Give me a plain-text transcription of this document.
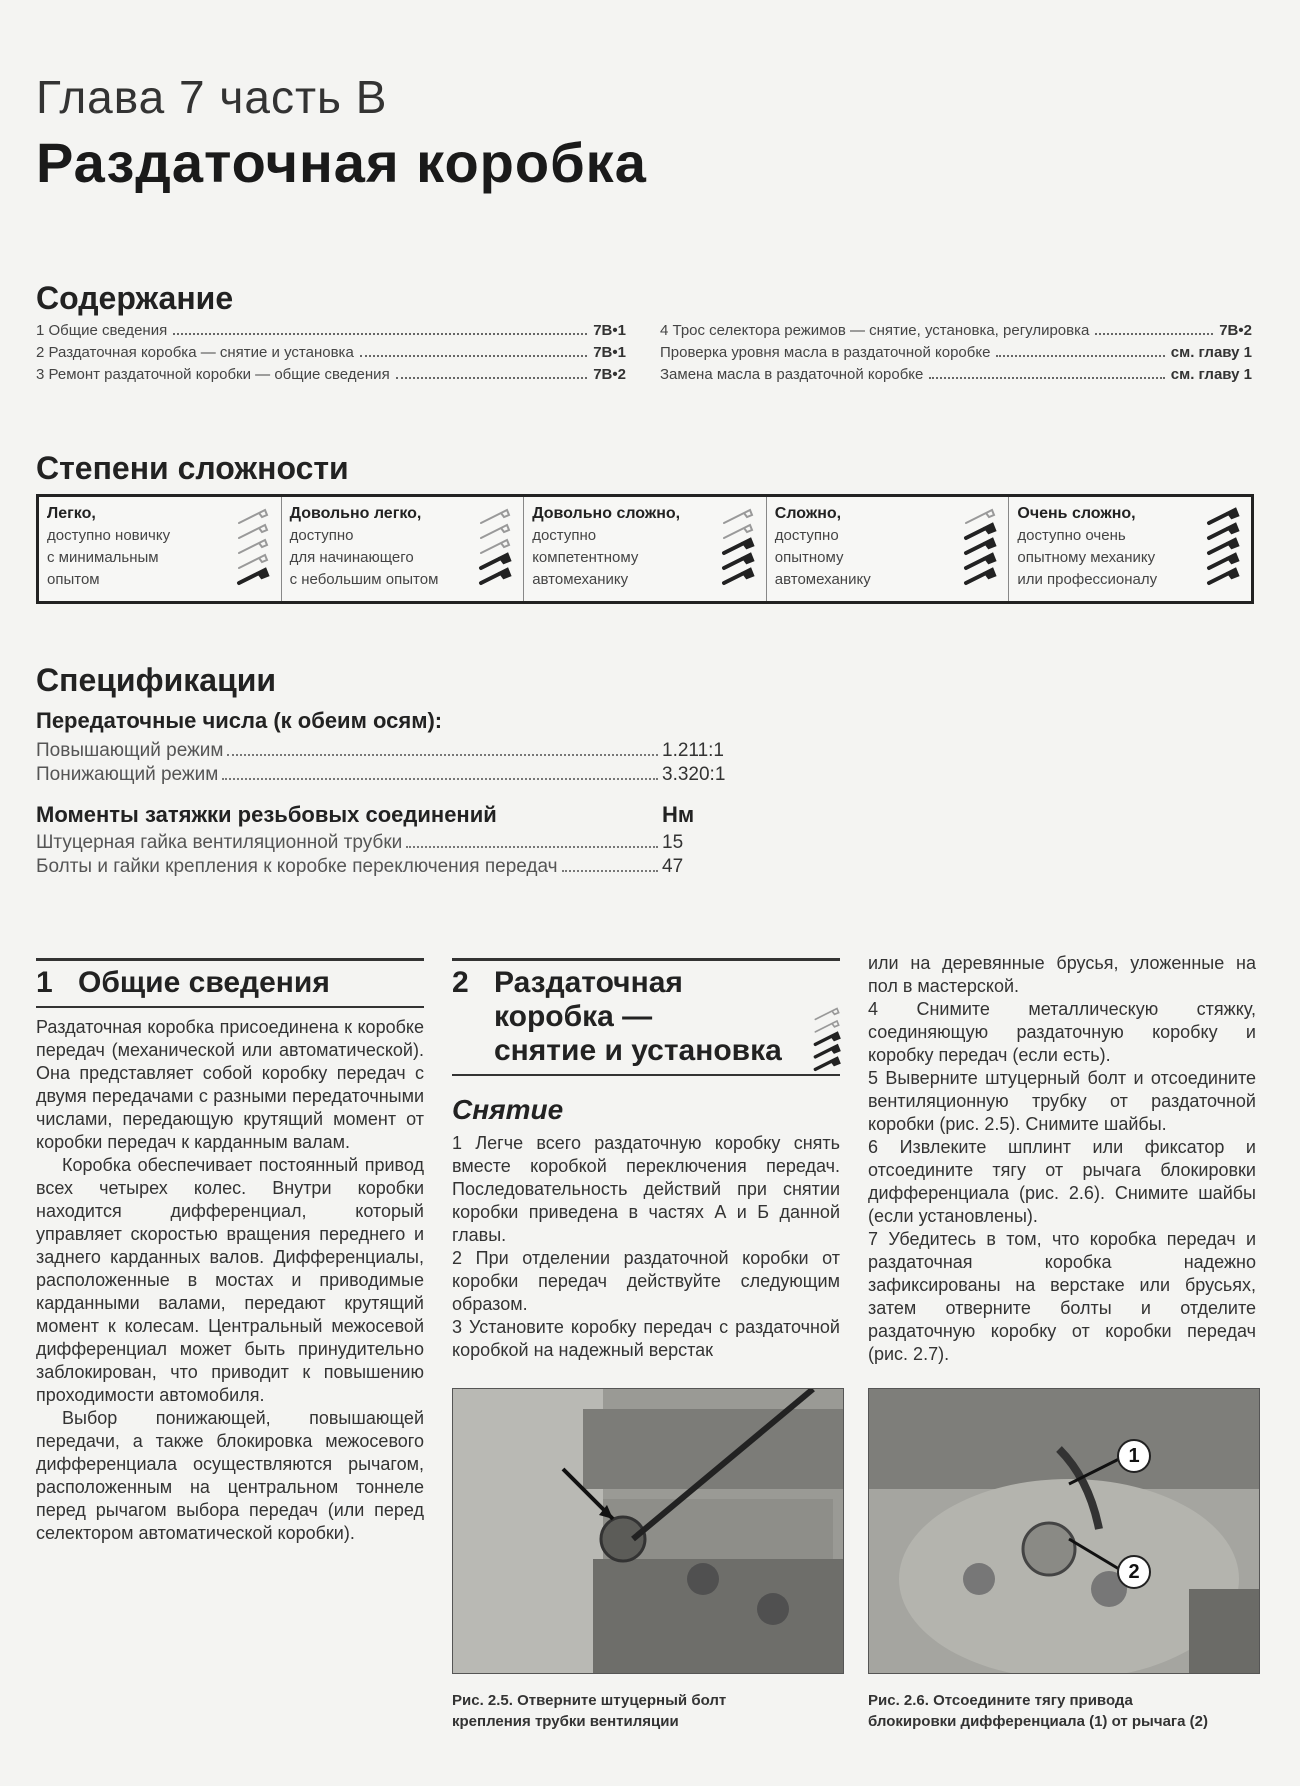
Глава 7 часть В
Раздаточная коробка
Содержание
1 Общие сведения	7В•1
2 Раздаточная коробка — снятие и установка	7В•1
3 Ремонт раздаточной коробки — общие сведения	7В•2
4 Трос селектора режимов — снятие, установка, регулировка	7В•2
Проверка уровня масла в раздаточной коробке	см. главу 1
Замена масла в раздаточной коробке	см. главу 1
Степени сложности
Легко,
доступно новичку
с минимальным
опытом
Довольно легко,
доступно
для начинающего
с небольшим опытом
Довольно сложно,
доступно
компетентному
автомеханику
Сложно,
доступно
опытному
автомеханику
Очень сложно,
доступно очень
опытному механику
или профессионалу
Спецификации
Передаточные числа (к обеим осям):
Повышающий режим	1.211:1
Понижающий режим	3.320:1
Моменты затяжки резьбовых соединений	Нм
Штуцерная гайка вентиляционной трубки	15
Болты и гайки крепления к коробке переключения передач	47
1 Общие сведения

Раздаточная коробка присоединена к коробке передач (механической или автоматической). Она представляет собой коробку передач с двумя передачами с разными передаточными числами, передающую крутящий момент от коробки передач к карданным валам.

Коробка обеспечивает постоянный привод всех четырех колес. Внутри коробки находится дифференциал, который управляет скоростью вращения переднего и заднего карданных валов. Дифференциалы, расположенные в мостах и приводимые карданными валами, передают крутящий момент к колесам. Центральный межосевой дифференциал может быть принудительно заблокирован, что приводит к повышению проходимости автомобиля.

Выбор понижающей, повышающей передачи, а также блокировка межосевого дифференциала осуществляются рычагом, расположенным на центральном тоннеле перед рычагом выбора передач (или перед селектором автоматической коробки).

2 Раздаточная
коробка —
снятие и установка
Снятие

1 Легче всего раздаточную коробку снять вместе коробкой переключения передач. Последовательность действий при снятии коробки приведена в частях А и Б данной главы.

2 При отделении раздаточной коробки от коробки передач действуйте следующим образом.

3 Установите коробку передач с раздаточной коробкой на надежный верстак

или на деревянные брусья, уложенные на пол в мастерской.

4 Снимите металлическую стяжку, соединяющую раздаточную коробку и коробку передач (если есть).

5 Выверните штуцерный болт и отсоедините вентиляционную трубку от раздаточной коробки (рис. 2.5). Снимите шайбы.

6 Извлеките шплинт или фиксатор и отсоедините тягу от рычага блокировки дифференциала (рис. 2.6). Снимите шайбы (если установлены).

7 Убедитесь в том, что коробка передач и раздаточная коробка надежно зафиксированы на верстаке или брусьях, затем отверните болты и отделите раздаточную коробку от коробки передач (рис. 2.7).

Рис. 2.5. Отверните штуцерный болт
крепления трубки вентиляции
1
2
Рис. 2.6. Отсоедините тягу привода
блокировки дифференциала (1) от рычага (2)
